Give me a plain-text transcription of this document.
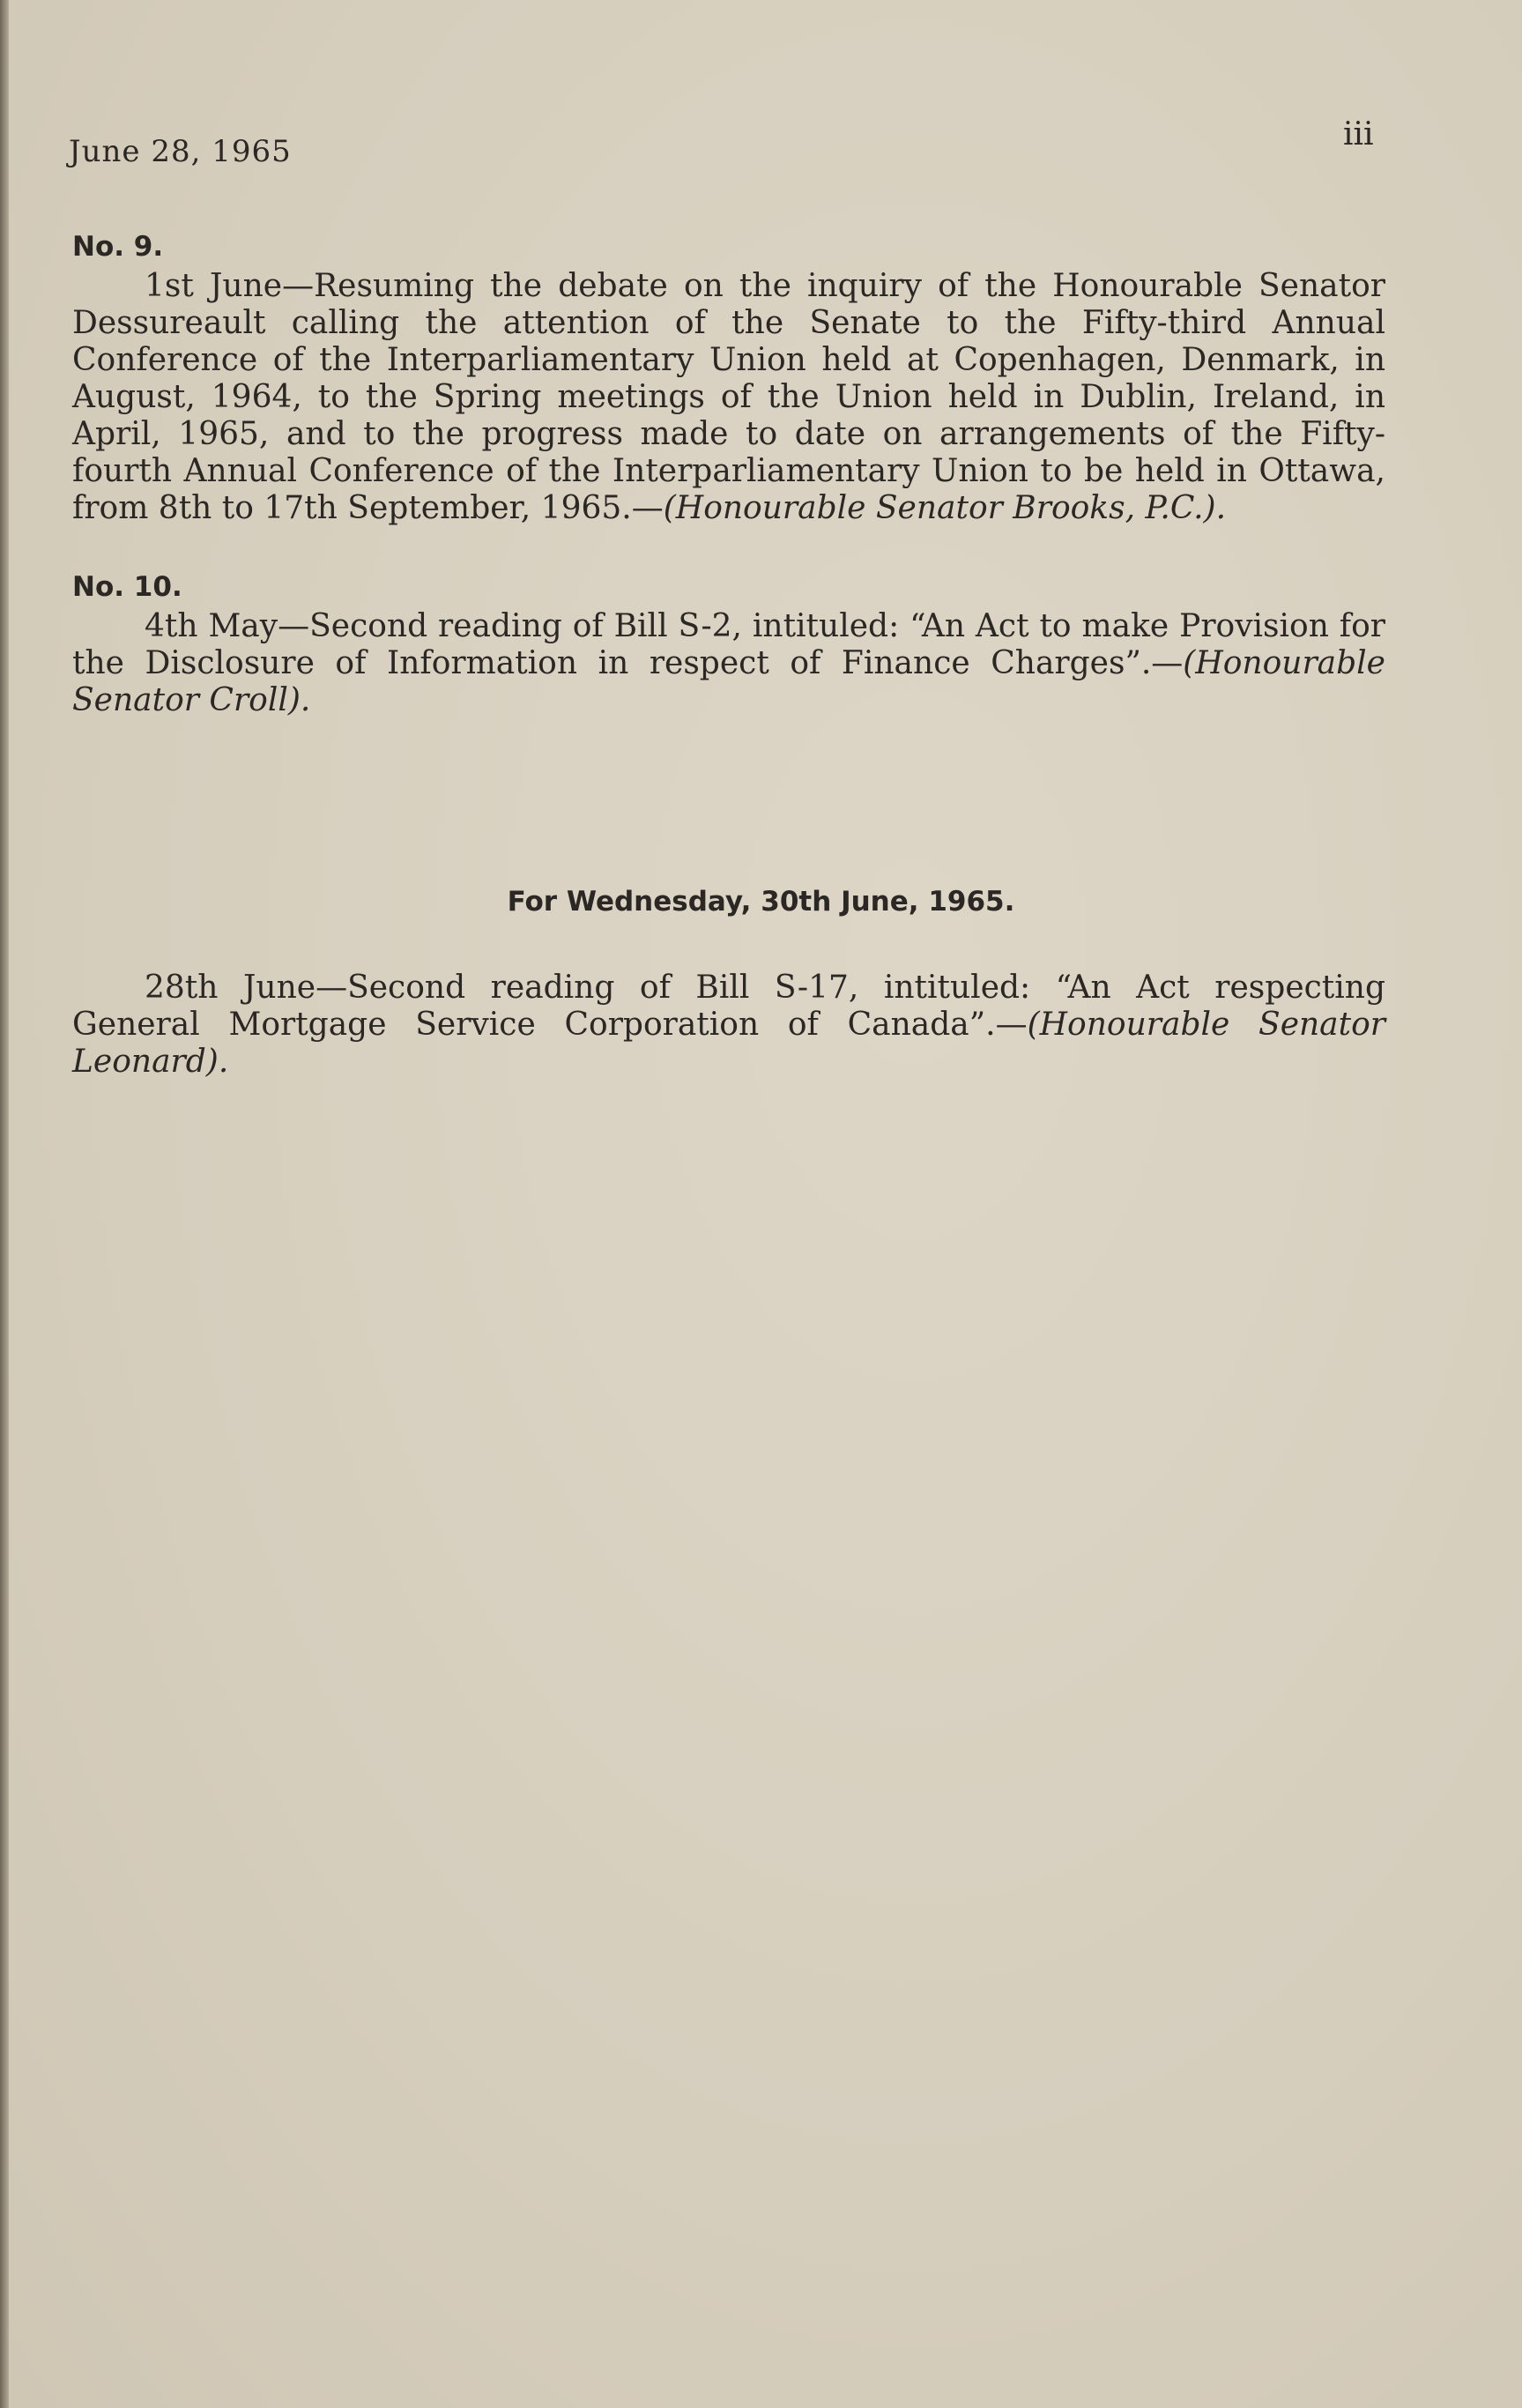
June 28, 1965	iii
No. 9.

1st June—Resuming the debate on the inquiry of the Honourable Senator Dessureault calling the attention of the Senate to the Fifty-third Annual Conference of the Interparliamentary Union held at Copenhagen, Denmark, in August, 1964, to the Spring meetings of the Union held in Dublin, Ireland, in April, 1965, and to the progress made to date on arrangements of the Fifty-fourth Annual Conference of the Interparliamentary Union to be held in Ottawa, from 8th to 17th September, 1965.—(Honourable Senator Brooks, P.C.).

No. 10.

4th May—Second reading of Bill S-2, intituled: “An Act to make Provision for the Disclosure of Information in respect of Finance Charges”.—(Honourable Senator Croll).

For Wednesday, 30th June, 1965.

28th June—Second reading of Bill S-17, intituled: “An Act respecting General Mortgage Service Corporation of Canada”.—(Honourable Senator Leonard).
